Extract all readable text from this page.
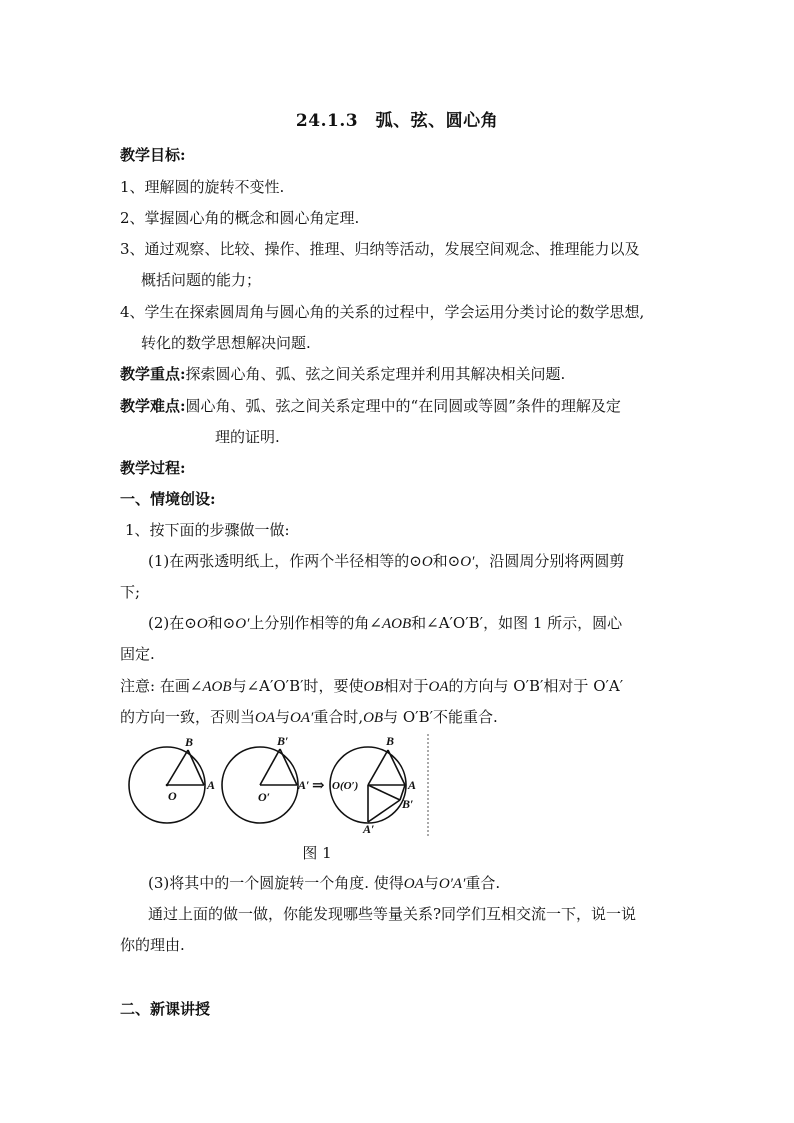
24.1.3　弧、弦、圆心角
教学目标:
1、理解圆的旋转不变性.
2、掌握圆心角的概念和圆心角定理.
3、通过观察、比较、操作、推理、归纳等活动，发展空间观念、推理能力以及
概括问题的能力；
4、学生在探索圆周角与圆心角的关系的过程中，学会运用分类讨论的数学思想,
转化的数学思想解决问题.
教学重点:探索圆心角、弧、弦之间关系定理并利用其解决相关问题.
教学难点:圆心角、弧、弦之间关系定理中的“在同圆或等圆”条件的理解及定
理的证明.
教学过程:
一、情境创设:
1、按下面的步骤做一做:
(1)在两张透明纸上，作两个半径相等的⊙O和⊙O′，沿圆周分别将两圆剪
下;
(2)在⊙O和⊙O′上分别作相等的角∠AOB和∠A′O′B′，如图 1 所示，圆心
固定.
注意: 在画∠AOB与∠A′O′B′时，要使OB相对于OA的方向与 O′B′相对于 O′A′
的方向一致，否则当OA与OA′重合时,OB与 O′B′不能重合.
B
O
A
B′
O′
A′ ⇒ O(O′)
B
A
B′
A′
图 1
(3)将其中的一个圆旋转一个角度. 使得OA与O′A′重合.
通过上面的做一做，你能发现哪些等量关系?同学们互相交流一下，说一说
你的理由.
二、新课讲授
